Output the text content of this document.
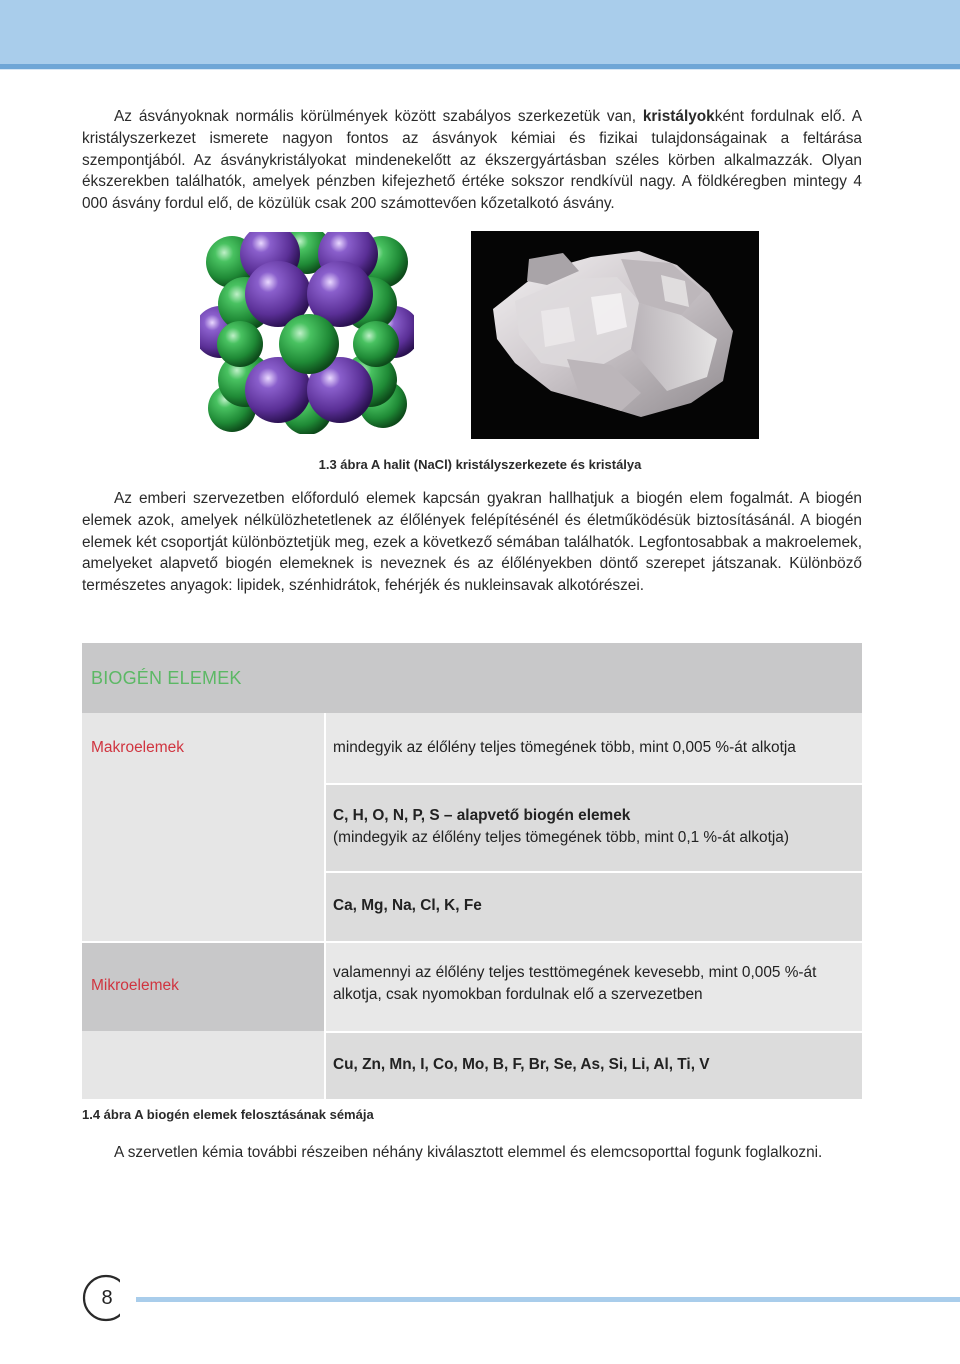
Az ásványoknak normális körülmények között szabályos szerkezetük van, kristályokként fordulnak elő. A kristályszerkezet ismerete nagyon fontos az ásványok kémiai és fizikai tulajdonságainak a feltárása szempontjából. Az ásványkristályokat mindenekelőtt az ékszergyártásban széles körben alkalmazzák. Olyan ékszerekben találhatók, amelyek pénzben kifejezhető értéke sokszor rendkívül nagy. A földkéregben mintegy 4 000 ásvány fordul elő, de közülük csak 200 számottevően kőzetalkotó ásvány.

1.3 ábra A halit (NaCl) kristályszerkezete és kristálya

Az emberi szervezetben előforduló elemek kapcsán gyakran hallhatjuk a biogén elem fogalmát. A biogén elemek azok, amelyek nélkülözhetetlenek az élőlények felépítésénél és életműködésük biztosításánál. A biogén elemek két csoportját különböztetjük meg, ezek a következő sémában találhatók. Legfontosabbak a makroelemek, amelyeket alapvető biogén elemeknek is neveznek és az élőlényekben döntő szerepet játszanak. Különböző természetes anyagok: lipidek, szénhidrátok, fehérjék és nukleinsavak alkotórészei.

BIOGÉN ELEMEK
Makroelemek
Mikroelemek
mindegyik az élőlény teljes tömegének több, mint 0,005 %-át alkotja
C, H, O, N, P, S – alapvető biogén elemek
(mindegyik az élőlény teljes tömegének több, mint 0,1 %-át alkotja)
Ca, Mg, Na, Cl, K, Fe
valamennyi az élőlény teljes testtömegének kevesebb, mint 0,005 %-át alkotja, csak nyomokban fordulnak elő a szervezetben
Cu, Zn, Mn, I, Co, Mo, B, F, Br, Se, As, Si, Li, Al, Ti, V
1.4 ábra A biogén elemek felosztásának sémája

A szervetlen kémia további részeiben néhány kiválasztott elemmel és elemcsoporttal fogunk foglalkozni.

8
